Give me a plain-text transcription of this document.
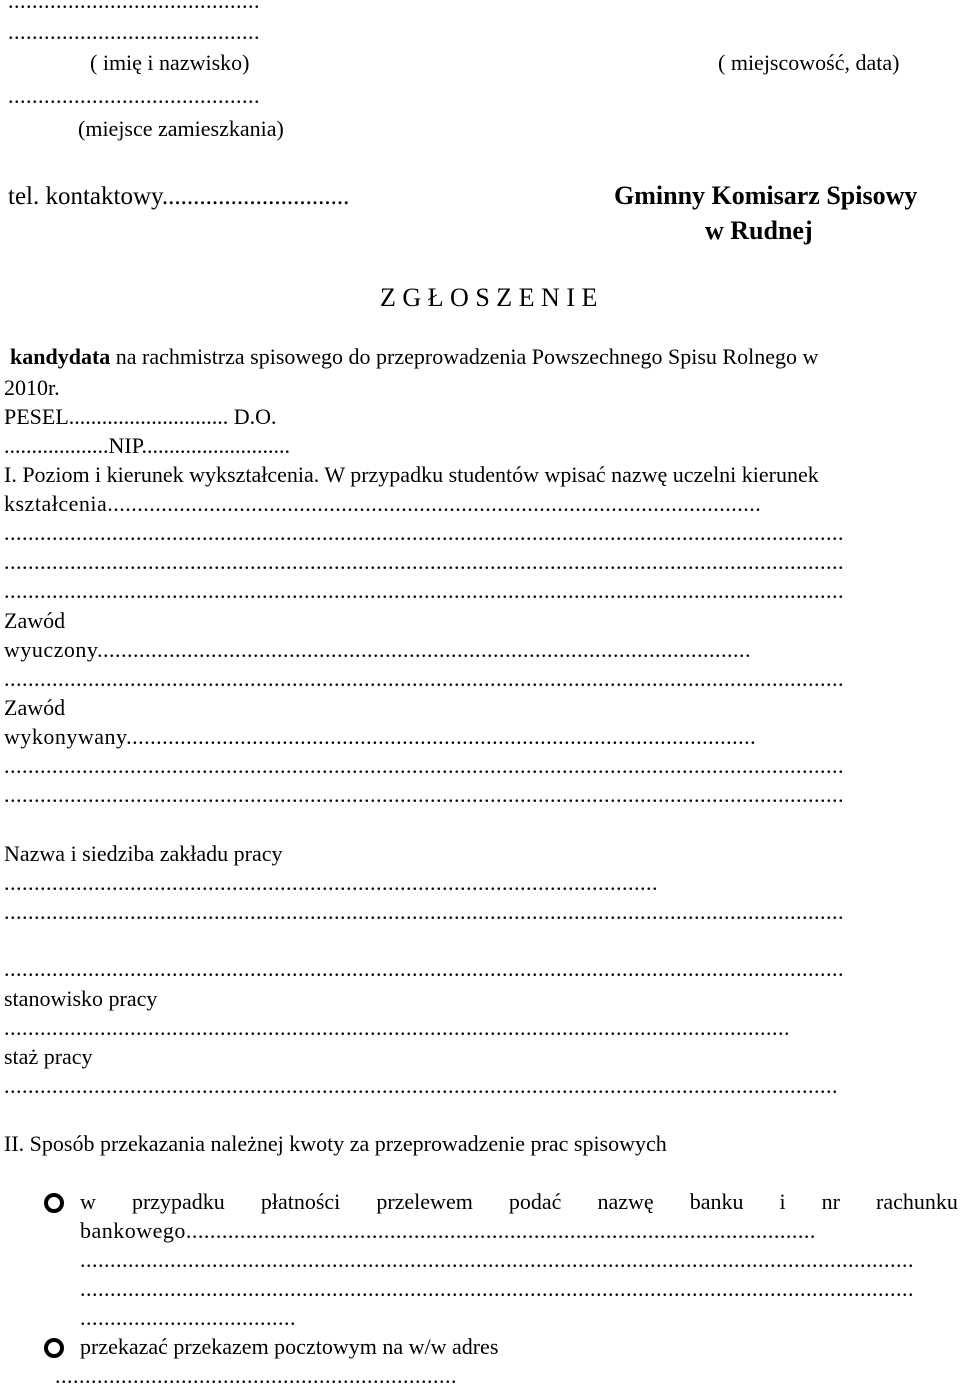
..........................................
..........................................
( imię i nazwisko)	( miejscowość, data)
..........................................
(miejsce zamieszkania)
tel. kontaktowy..............................	Gminny Komisarz Spisowy
w Rudnej
Z G Ł O S Z E N I E
kandydata na rachmistrza spisowego do przeprowadzenia Powszechnego Spisu Rolnego w
2010r.
PESEL............................. D.O.
...................NIP...........................
I. Poziom i kierunek wykształcenia. W przypadku studentów wpisać nazwę uczelni kierunek
kształcenia.............................................................................................................
............................................................................................................................................
............................................................................................................................................
............................................................................................................................................
Zawód
wyuczony.............................................................................................................
............................................................................................................................................
Zawód
wykonywany.........................................................................................................
............................................................................................................................................
............................................................................................................................................
Nazwa i siedziba zakładu pracy
.............................................................................................................
............................................................................................................................................
............................................................................................................................................
stanowisko pracy
...................................................................................................................................
staż pracy
...........................................................................................................................................
II. Sposób przekazania należnej kwoty za przeprowadzenie prac spisowych
w przypadku płatności przelewem podać nazwę banku i nr rachunku
bankowego.........................................................................................................
...........................................................................................................................................
...........................................................................................................................................
....................................
przekazać przekazem pocztowym na w/w adres
...................................................................
